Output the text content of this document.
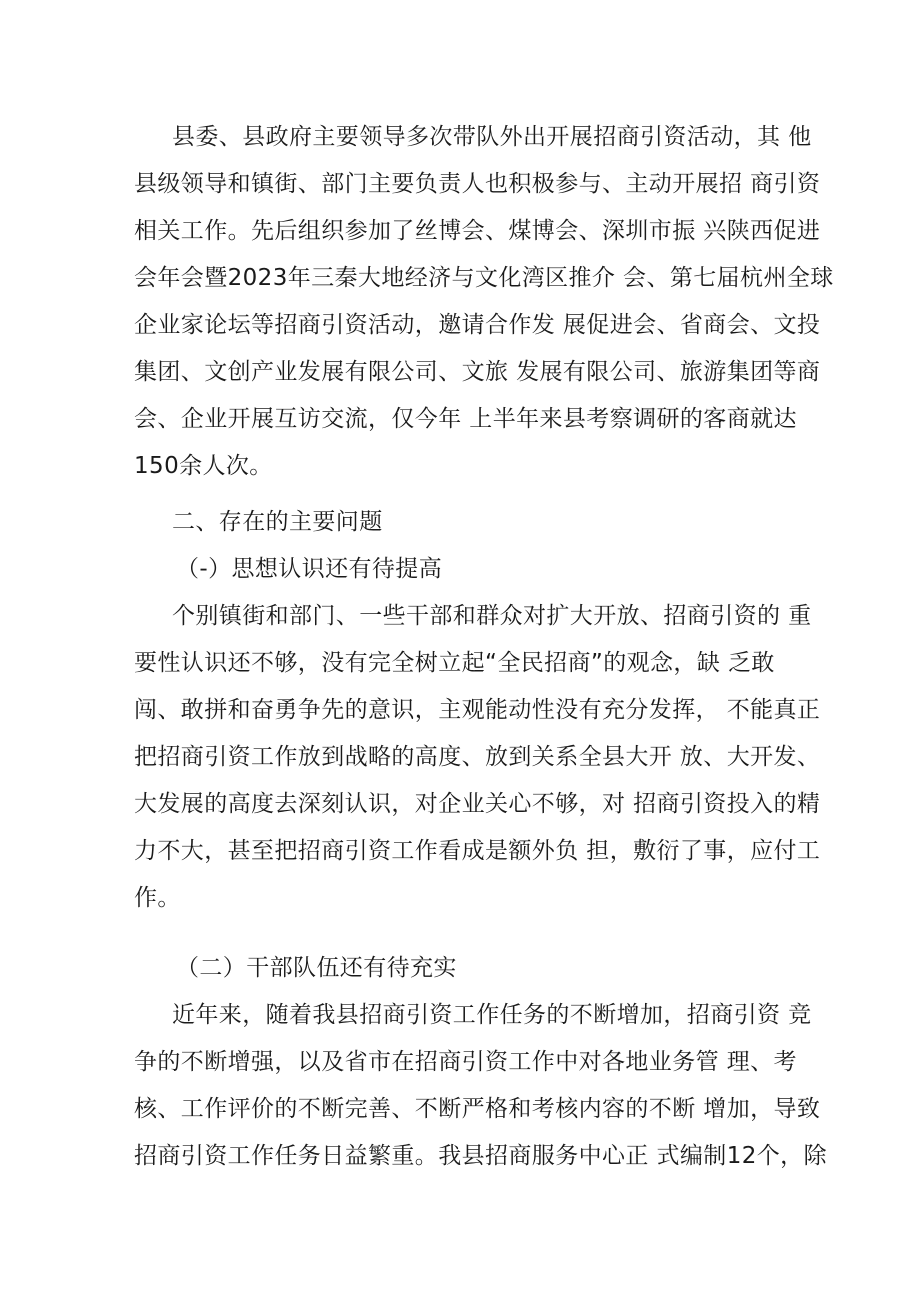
县委、县政府主要领导多次带队外出开展招商引资活动，其 他
县级领导和镇街、部门主要负责人也积极参与、主动开展招 商引资
相关工作。先后组织参加了丝博会、煤博会、深圳市振 兴陕西促进
会年会暨2023年三秦大地经济与文化湾区推介 会、第七届杭州全球
企业家论坛等招商引资活动，邀请合作发 展促进会、省商会、文投
集团、文创产业发展有限公司、文旅 发展有限公司、旅游集团等商
会、企业开展互访交流，仅今年 上半年来县考察调研的客商就达
150余人次。
二、存在的主要问题
（-）思想认识还有待提高
个别镇街和部门、一些干部和群众对扩大开放、招商引资的 重
要性认识还不够，没有完全树立起“全民招商”的观念，缺 乏敢
闯、敢拼和奋勇争先的意识，主观能动性没有充分发挥， 不能真正
把招商引资工作放到战略的高度、放到关系全县大开 放、大开发、
大发展的高度去深刻认识，对企业关心不够，对 招商引资投入的精
力不大，甚至把招商引资工作看成是额外负 担，敷衍了事，应付工
作。
（二）干部队伍还有待充实
近年来，随着我县招商引资工作任务的不断增加，招商引资 竞
争的不断增强，以及省市在招商引资工作中对各地业务管 理、考
核、工作评价的不断完善、不断严格和考核内容的不断 增加，导致
招商引资工作任务日益繁重。我县招商服务中心正 式编制12个，除
